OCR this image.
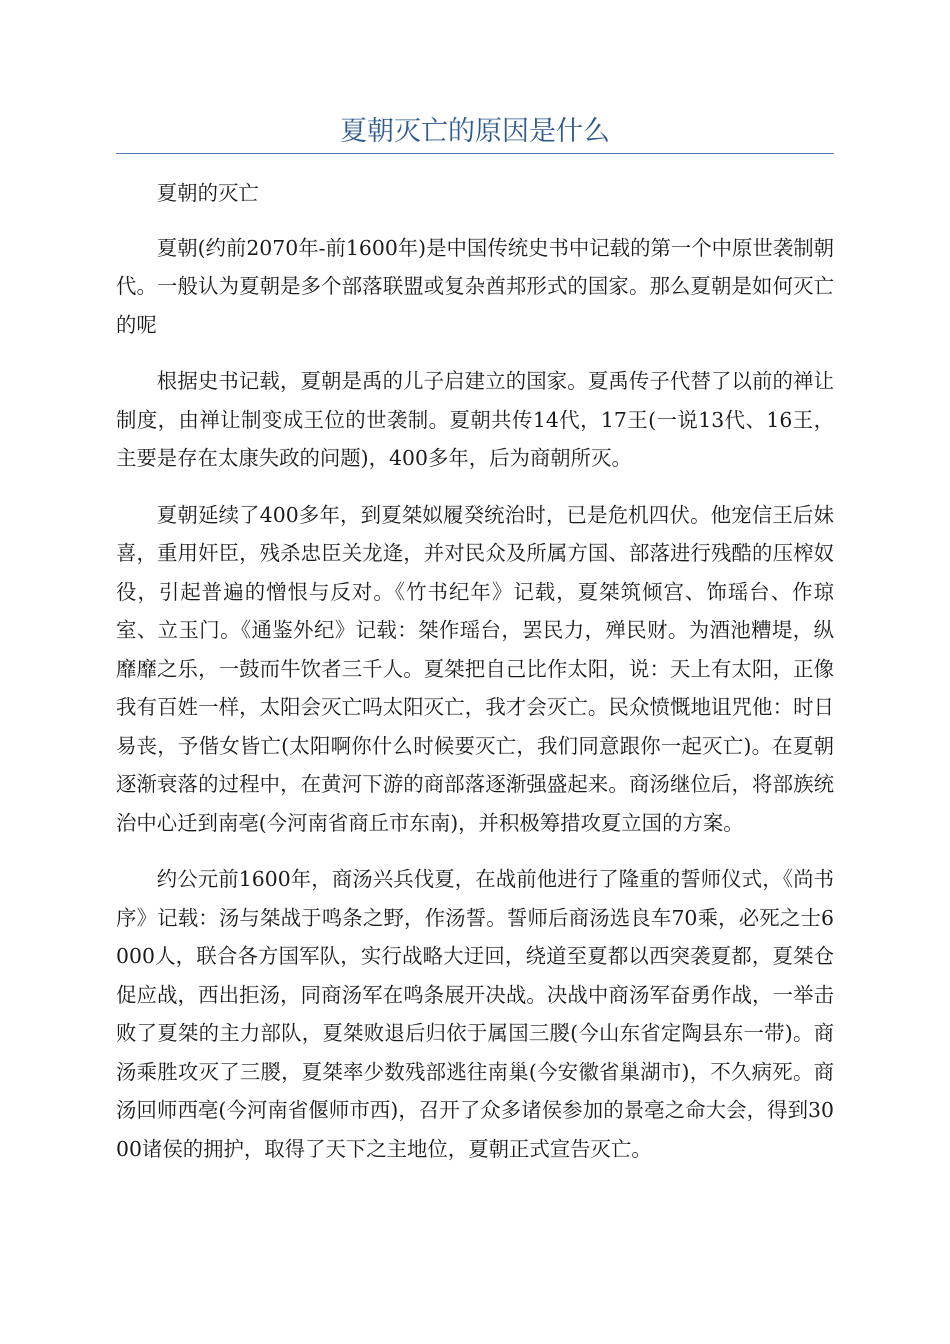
夏朝灭亡的原因是什么

夏朝的灭亡

夏朝(约前2070年-前1600年)是中国传统史书中记载的第一个中原世袭制朝代。一般认为夏朝是多个部落联盟或复杂酋邦形式的国家。那么夏朝是如何灭亡的呢

根据史书记载，夏朝是禹的儿子启建立的国家。夏禹传子代替了以前的禅让制度，由禅让制变成王位的世袭制。夏朝共传14代，17王(一说13代、16王，主要是存在太康失政的问题)，400多年，后为商朝所灭。

夏朝延续了400多年，到夏桀姒履癸统治时，已是危机四伏。他宠信王后妹喜，重用奸臣，残杀忠臣关龙逄，并对民众及所属方国、部落进行残酷的压榨奴役，引起普遍的憎恨与反对。《竹书纪年》记载，夏桀筑倾宫、饰瑶台、作琼室、立玉门。《通鉴外纪》记载：桀作瑶台，罢民力，殚民财。为酒池糟堤，纵靡靡之乐，一鼓而牛饮者三千人。夏桀把自己比作太阳，说：天上有太阳，正像我有百姓一样，太阳会灭亡吗太阳灭亡，我才会灭亡。民众愤慨地诅咒他：时日易丧，予偕女皆亡(太阳啊你什么时候要灭亡，我们同意跟你一起灭亡)。在夏朝逐渐衰落的过程中，在黄河下游的商部落逐渐强盛起来。商汤继位后，将部族统治中心迁到南亳(今河南省商丘市东南)，并积极筹措攻夏立国的方案。

约公元前1600年，商汤兴兵伐夏，在战前他进行了隆重的誓师仪式，《尚书序》记载：汤与桀战于鸣条之野，作汤誓。誓师后商汤选良车70乘，必死之士6000人，联合各方国军队，实行战略大迂回，绕道至夏都以西突袭夏都，夏桀仓促应战，西出拒汤，同商汤军在鸣条展开决战。决战中商汤军奋勇作战，一举击败了夏桀的主力部队，夏桀败退后归依于属国三朡(今山东省定陶县东一带)。商汤乘胜攻灭了三朡，夏桀率少数残部逃往南巢(今安徽省巢湖市)，不久病死。商汤回师西亳(今河南省偃师市西)，召开了众多诸侯参加的景亳之命大会，得到3000诸侯的拥护，取得了天下之主地位，夏朝正式宣告灭亡。
